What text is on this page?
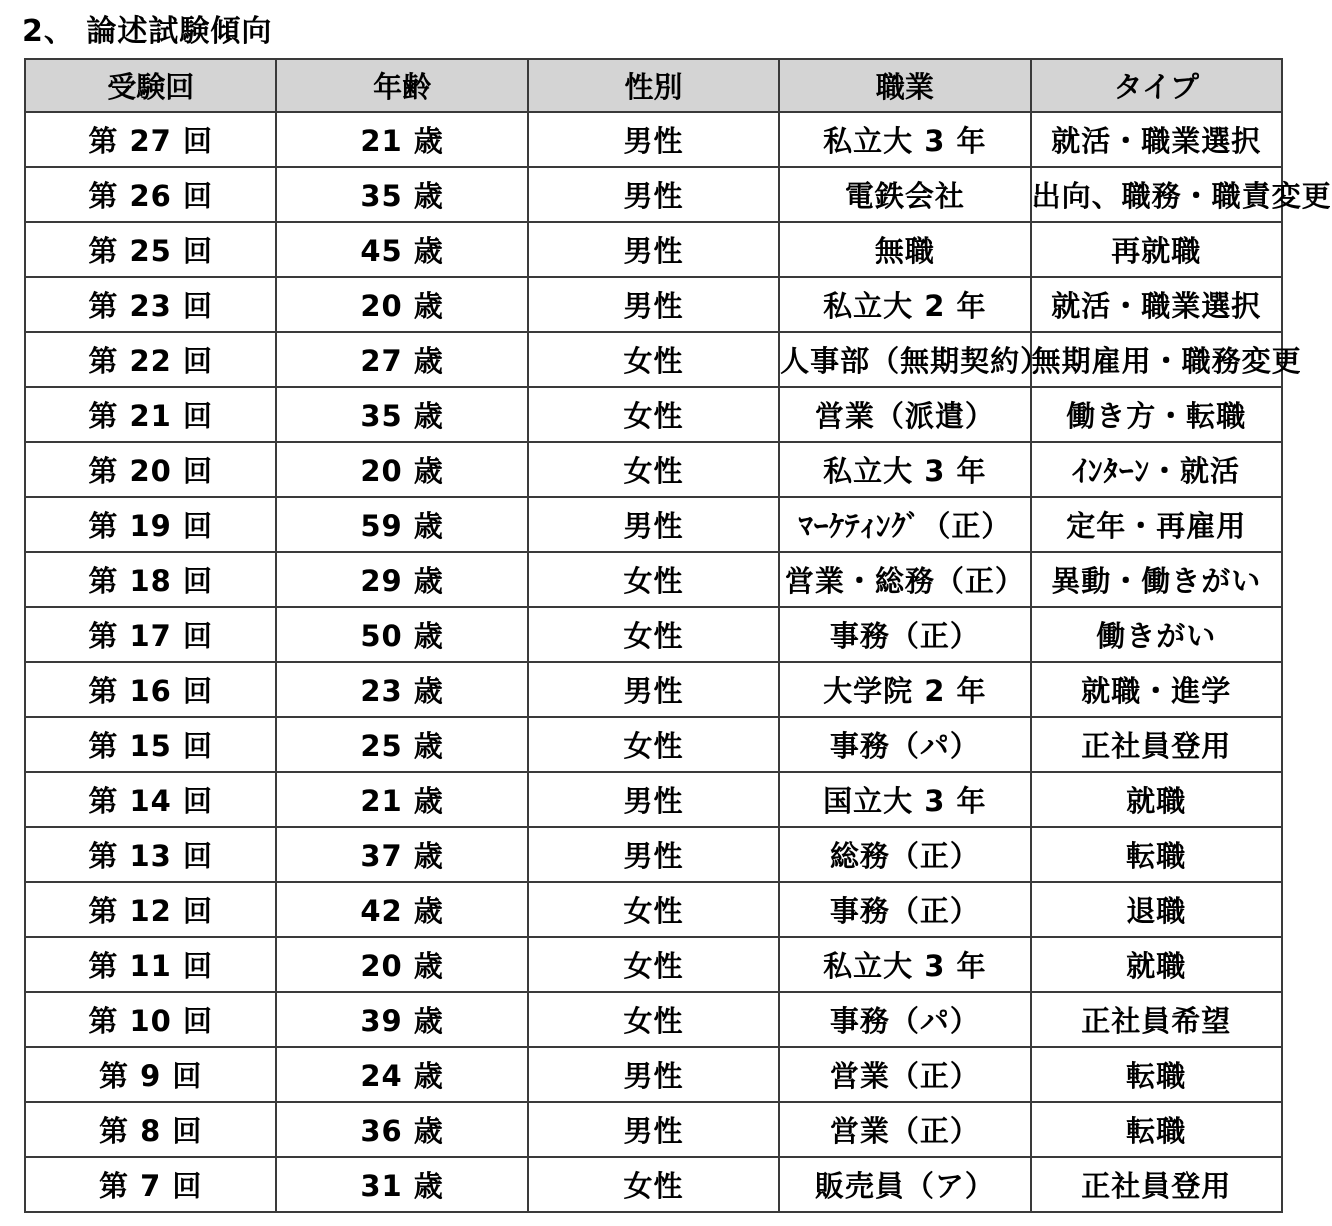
2、 論述試験傾向
受験回	年齢	性別	職業	タイプ
第 27 回	21 歳	男性	私立大 3 年	就活・職業選択
第 26 回	35 歳	男性	電鉄会社	出向、職務・職責変更
第 25 回	45 歳	男性	無職	再就職
第 23 回	20 歳	男性	私立大 2 年	就活・職業選択
第 22 回	27 歳	女性	人事部（無期契約）	無期雇用・職務変更
第 21 回	35 歳	女性	営業（派遣）	働き方・転職
第 20 回	20 歳	女性	私立大 3 年	ｲﾝﾀｰﾝ・就活
第 19 回	59 歳	男性	ﾏｰｹﾃｨﾝｸﾞ（正）	定年・再雇用
第 18 回	29 歳	女性	営業・総務（正）	異動・働きがい
第 17 回	50 歳	女性	事務（正）	働きがい
第 16 回	23 歳	男性	大学院 2 年	就職・進学
第 15 回	25 歳	女性	事務（パ）	正社員登用
第 14 回	21 歳	男性	国立大 3 年	就職
第 13 回	37 歳	男性	総務（正）	転職
第 12 回	42 歳	女性	事務（正）	退職
第 11 回	20 歳	女性	私立大 3 年	就職
第 10 回	39 歳	女性	事務（パ）	正社員希望
第 9 回	24 歳	男性	営業（正）	転職
第 8 回	36 歳	男性	営業（正）	転職
第 7 回	31 歳	女性	販売員（ア）	正社員登用
